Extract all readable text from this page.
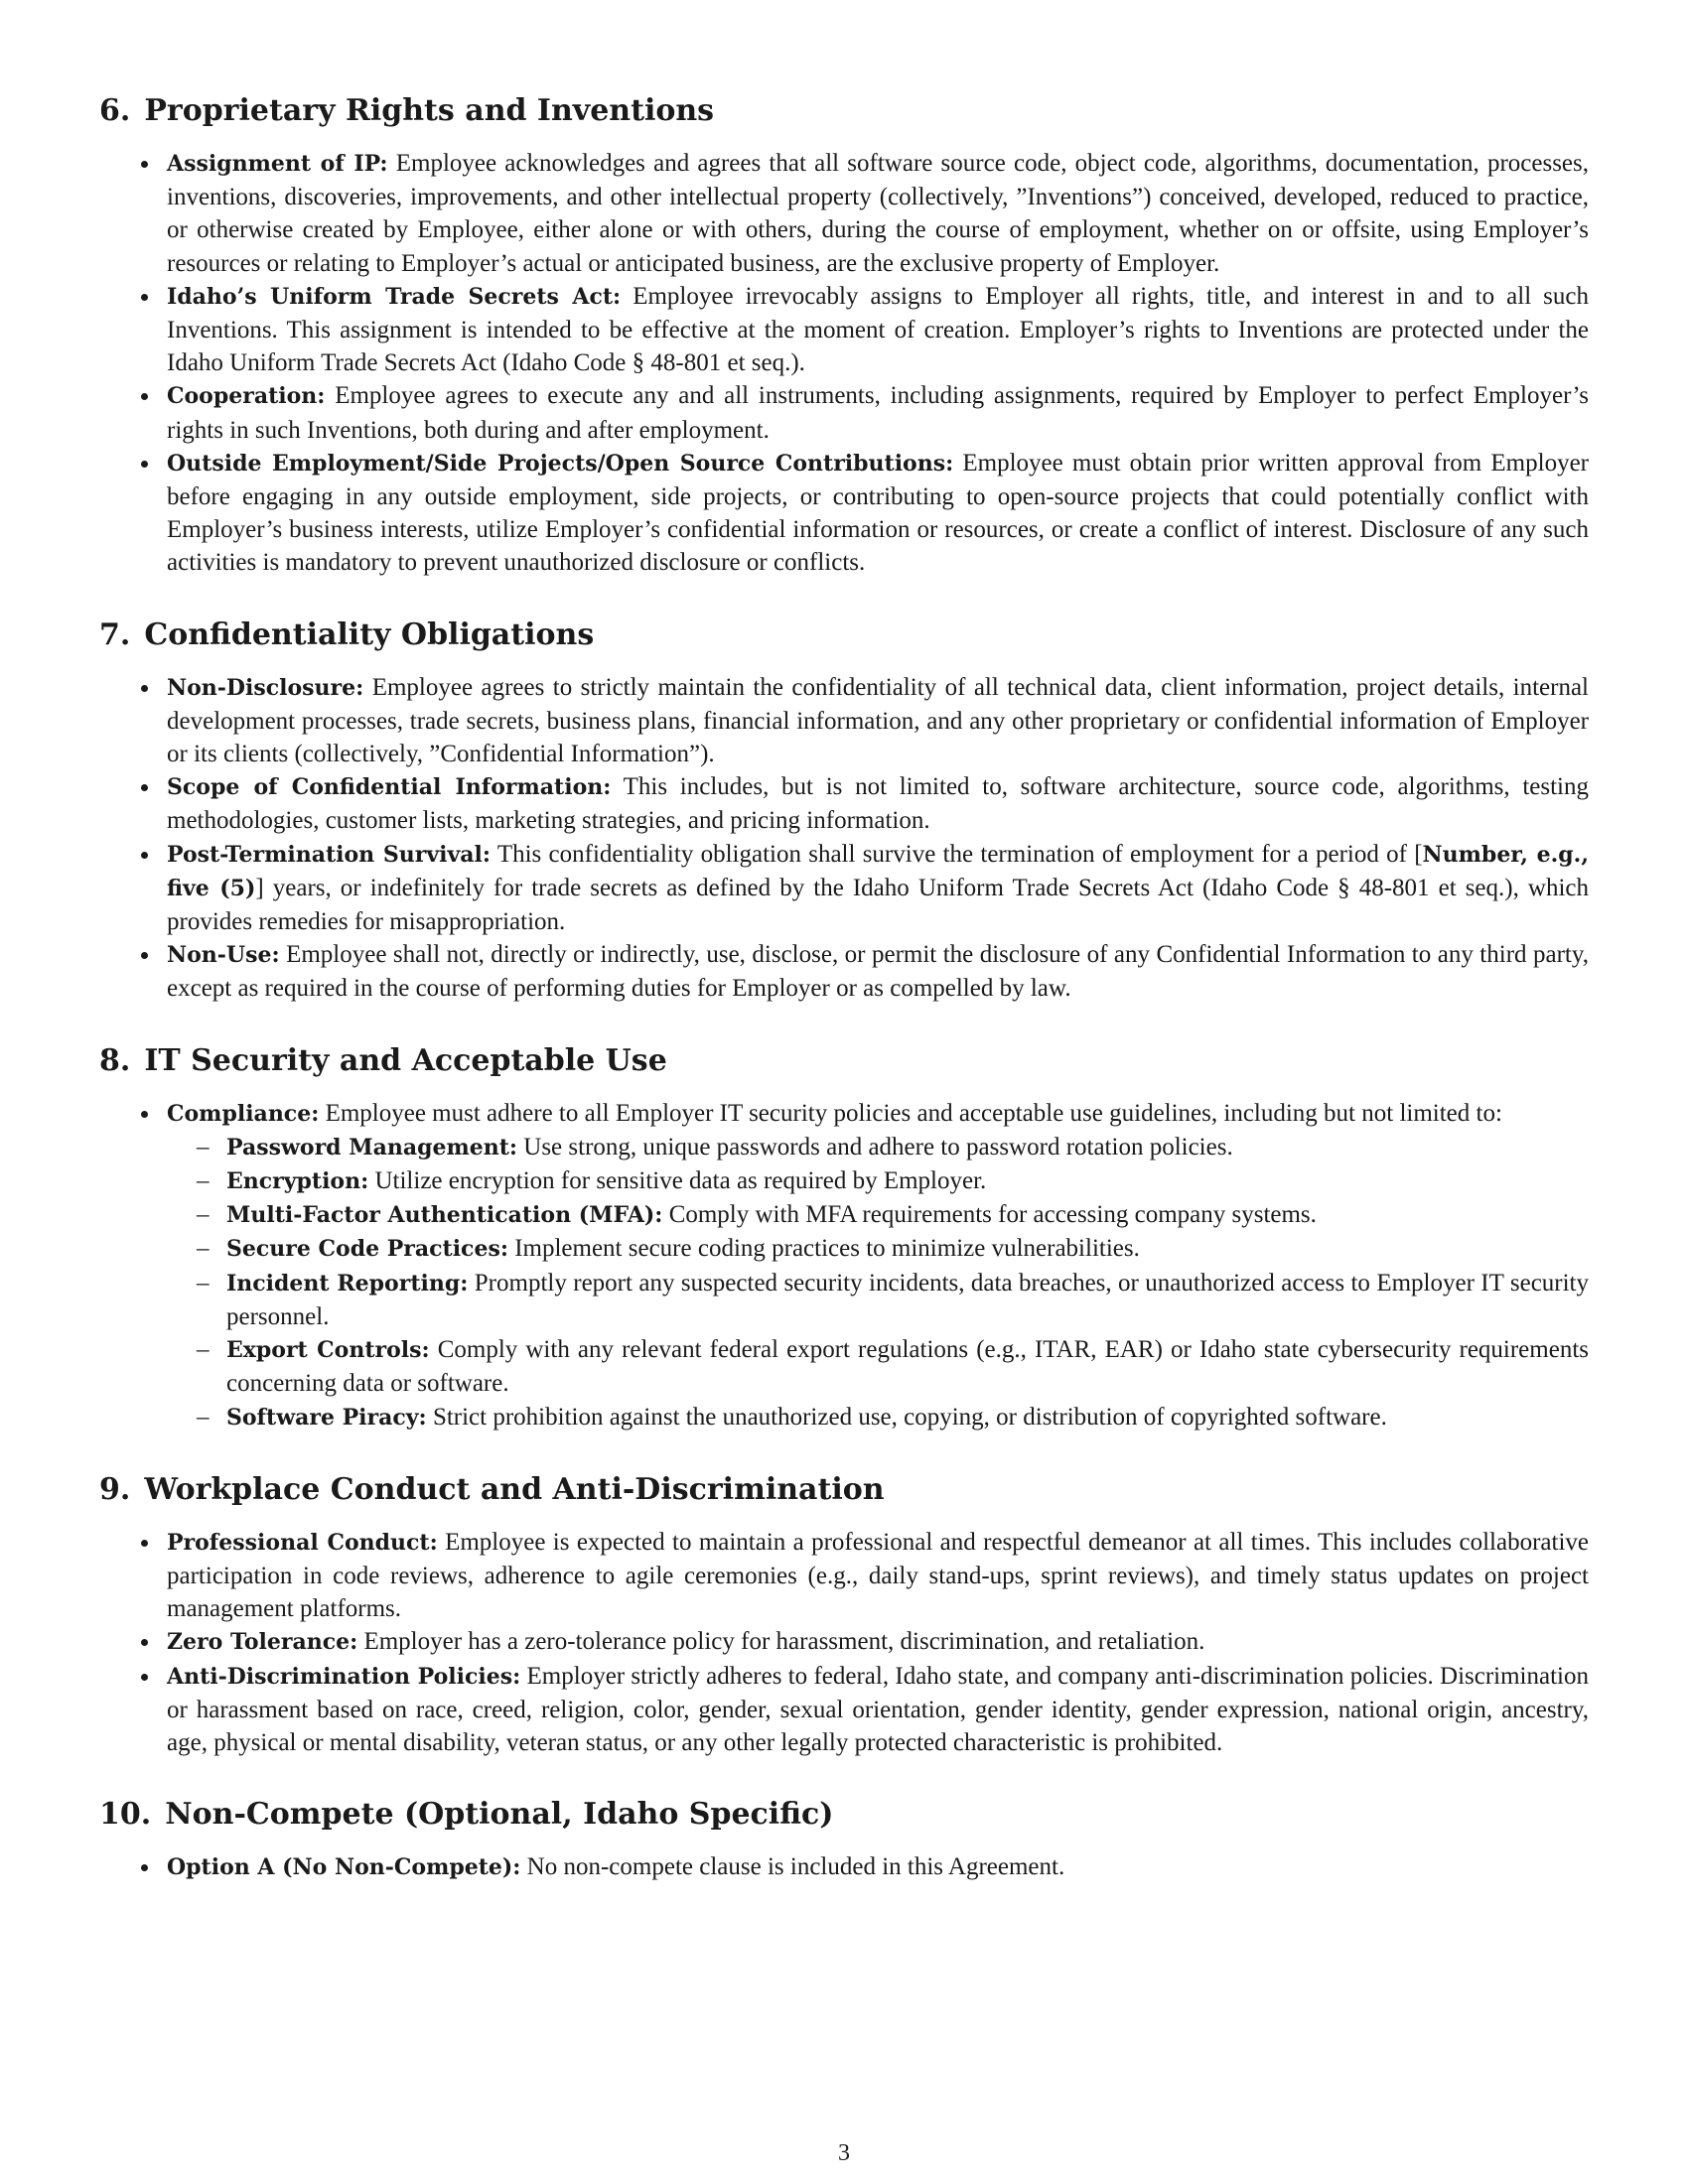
6. Proprietary Rights and Inventions
Assignment of IP: Employee acknowledges and agrees that all software source code, object code, algorithms, documentation, processes, inventions, discoveries, improvements, and other intellectual property (collectively, ”Inventions”) conceived, developed, reduced to practice, or otherwise created by Employee, either alone or with others, during the course of employment, whether on or offsite, using Employer’s resources or relating to Employer’s actual or anticipated business, are the exclusive property of Employer.
Idaho’s Uniform Trade Secrets Act: Employee irrevocably assigns to Employer all rights, title, and interest in and to all such Inventions. This assignment is intended to be effective at the moment of creation. Employer’s rights to Inventions are protected under the Idaho Uniform Trade Secrets Act (Idaho Code § 48-801 et seq.).
Cooperation: Employee agrees to execute any and all instruments, including assignments, required by Employer to perfect Employer’s rights in such Inventions, both during and after employment.
Outside Employment/Side Projects/Open Source Contributions: Employee must obtain prior written approval from Employer before engaging in any outside employment, side projects, or contributing to open-source projects that could potentially conflict with Employer’s business interests, utilize Employer’s confidential information or resources, or create a conflict of interest. Disclosure of any such activities is mandatory to prevent unauthorized disclosure or conflicts.
7. Confidentiality Obligations
Non-Disclosure: Employee agrees to strictly maintain the confidentiality of all technical data, client information, project details, internal development processes, trade secrets, business plans, financial information, and any other proprietary or confidential information of Employer or its clients (collectively, ”Confidential Information”).
Scope of Confidential Information: This includes, but is not limited to, software architecture, source code, algorithms, testing methodologies, customer lists, marketing strategies, and pricing information.
Post-Termination Survival: This confidentiality obligation shall survive the termination of employment for a period of [Number, e.g., five (5)] years, or indefinitely for trade secrets as defined by the Idaho Uniform Trade Secrets Act (Idaho Code § 48-801 et seq.), which provides remedies for misappropriation.
Non-Use: Employee shall not, directly or indirectly, use, disclose, or permit the disclosure of any Confidential Information to any third party, except as required in the course of performing duties for Employer or as compelled by law.
8. IT Security and Acceptable Use
Compliance: Employee must adhere to all Employer IT security policies and acceptable use guidelines, including but not limited to:
– Password Management: Use strong, unique passwords and adhere to password rotation policies.
– Encryption: Utilize encryption for sensitive data as required by Employer.
– Multi-Factor Authentication (MFA): Comply with MFA requirements for accessing company systems.
– Secure Code Practices: Implement secure coding practices to minimize vulnerabilities.
– Incident Reporting: Promptly report any suspected security incidents, data breaches, or unauthorized access to Employer IT security personnel.
– Export Controls: Comply with any relevant federal export regulations (e.g., ITAR, EAR) or Idaho state cybersecurity requirements concerning data or software.
– Software Piracy: Strict prohibition against the unauthorized use, copying, or distribution of copyrighted software.
9. Workplace Conduct and Anti-Discrimination
Professional Conduct: Employee is expected to maintain a professional and respectful demeanor at all times. This includes collaborative participation in code reviews, adherence to agile ceremonies (e.g., daily stand-ups, sprint reviews), and timely status updates on project management platforms.
Zero Tolerance: Employer has a zero-tolerance policy for harassment, discrimination, and retaliation.
Anti-Discrimination Policies: Employer strictly adheres to federal, Idaho state, and company anti-discrimination policies. Discrimination or harassment based on race, creed, religion, color, gender, sexual orientation, gender identity, gender expression, national origin, ancestry, age, physical or mental disability, veteran status, or any other legally protected characteristic is prohibited.
10. Non-Compete (Optional, Idaho Specific)
Option A (No Non-Compete): No non-compete clause is included in this Agreement.
3
